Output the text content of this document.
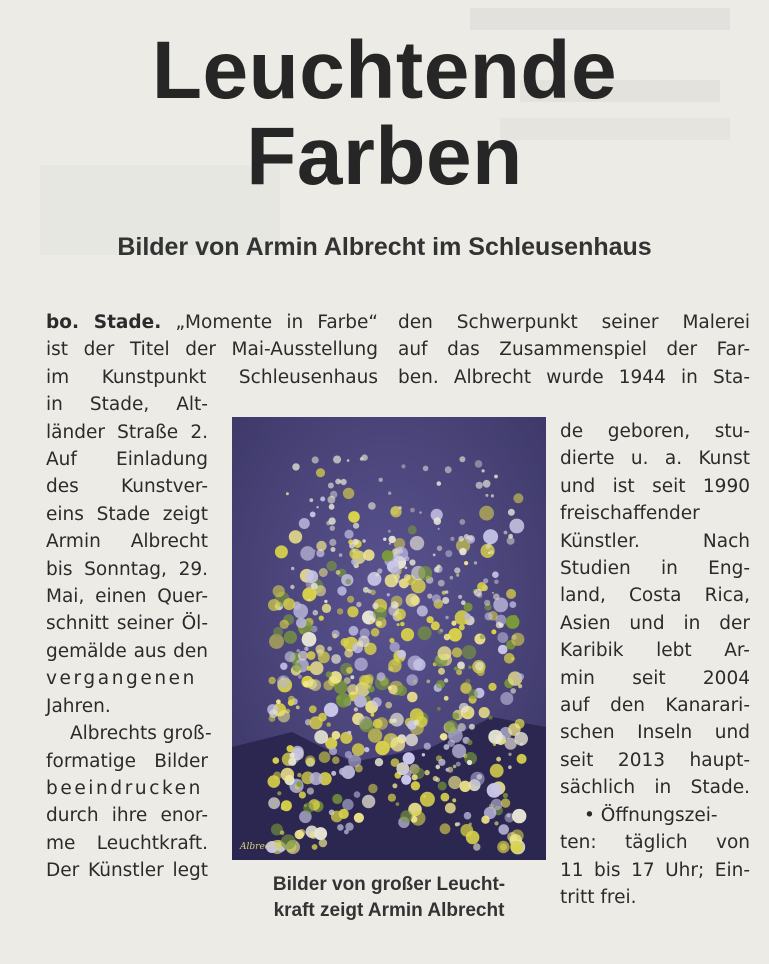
Leuchtende
Farben
Bilder von Armin Albrecht im Schleusenhaus
bo. Stade. „Momente in Farbe“
ist der Titel der Mai-Ausstellung
im Kunstpunkt Schleusenhaus
in Stade, Alt-
länder Straße 2.
Auf Einladung
des Kunstver-
eins Stade zeigt
Armin Albrecht
bis Sonntag, 29.
Mai, einen Quer-
schnitt seiner Öl-
gemälde aus den
vergangenen
Jahren.
Albrechts groß-
formatige Bilder
beeindrucken
durch ihre enor-
me Leuchtkraft.
Der Künstler legt
den Schwerpunkt seiner Malerei
auf das Zusammenspiel der Far-
ben. Albrecht wurde 1944 in Sta-
de geboren, stu-
dierte u. a. Kunst
und ist seit 1990
freischaffender
Künstler. Nach
Studien in Eng-
land, Costa Rica,
Asien und in der
Karibik lebt Ar-
min seit 2004
auf den Kanarari-
schen Inseln und
seit 2013 haupt-
sächlich in Stade.
• Öffnungszei-
ten: täglich von
11 bis 17 Uhr; Ein-
tritt frei.
Albrecht
Bilder von großer Leucht-
kraft zeigt Armin Albrecht
